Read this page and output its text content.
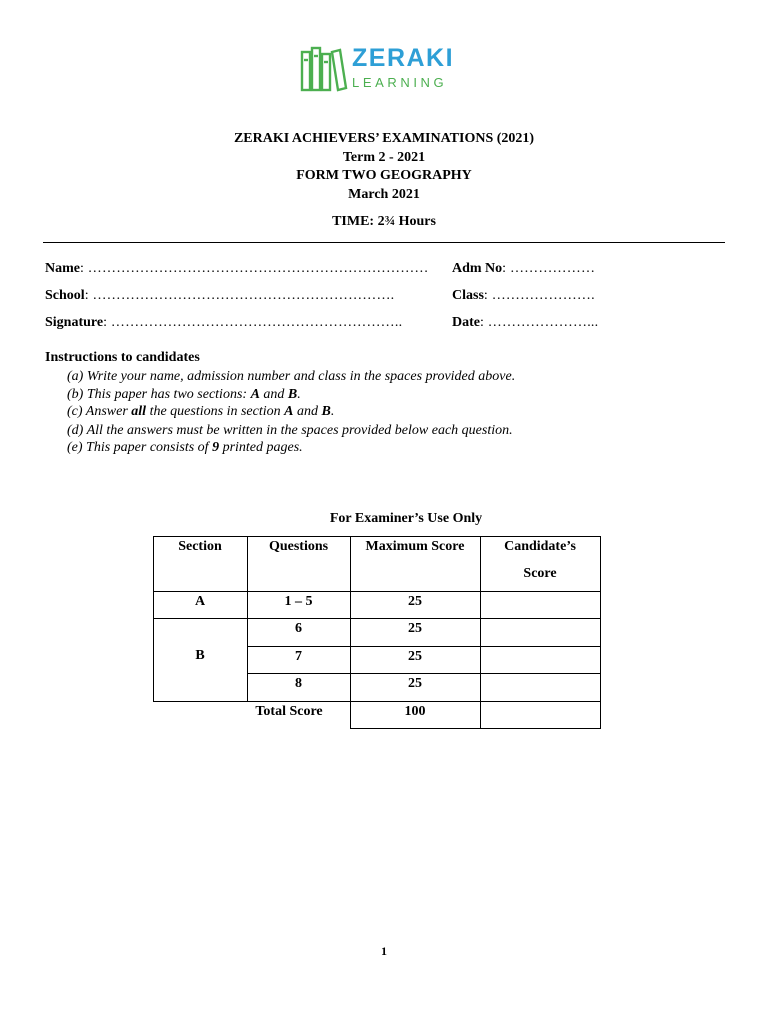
ZERAKI
LEARNING
ZERAKI ACHIEVERS’ EXAMINATIONS (2021)
Term 2 - 2021
FORM TWO GEOGRAPHY
March 2021
TIME: 2¾ Hours
Name: ……………………………………………………………… Adm No: ………………
School: ……………………………………………………….	Class: ………………….
Signature: ……………………………………………………..	Date: …………………...
Instructions to candidates
(a) Write your name, admission number and class in the spaces provided above.
(b) This paper has two sections: A and B.
(c) Answer all the questions in section A and B.
(d) All the answers must be written in the spaces provided below each question.
(e) This paper consists of 9 printed pages.
For Examiner’s Use Only
Section	Questions	Maximum Score	Candidate’s
Score
A	1 – 5	25
B
6	25
7	25
8	25
Total Score	100
1
